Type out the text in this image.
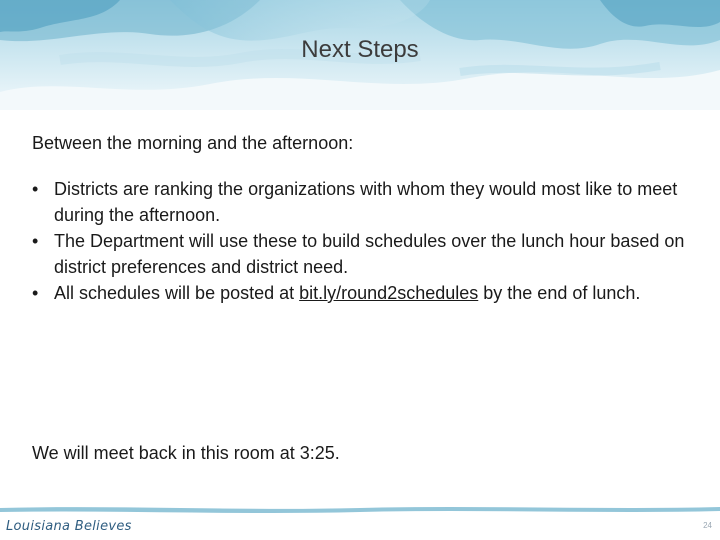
Next Steps

Between the morning and the afternoon:

• Districts are ranking the organizations with whom they would most like to meet during the afternoon.
• The Department will use these to build schedules over the lunch hour based on district preferences and district need.
• All schedules will be posted at bit.ly/round2schedules by the end of lunch.
We will meet back in this room at 3:25.
Louisiana Believes	24
